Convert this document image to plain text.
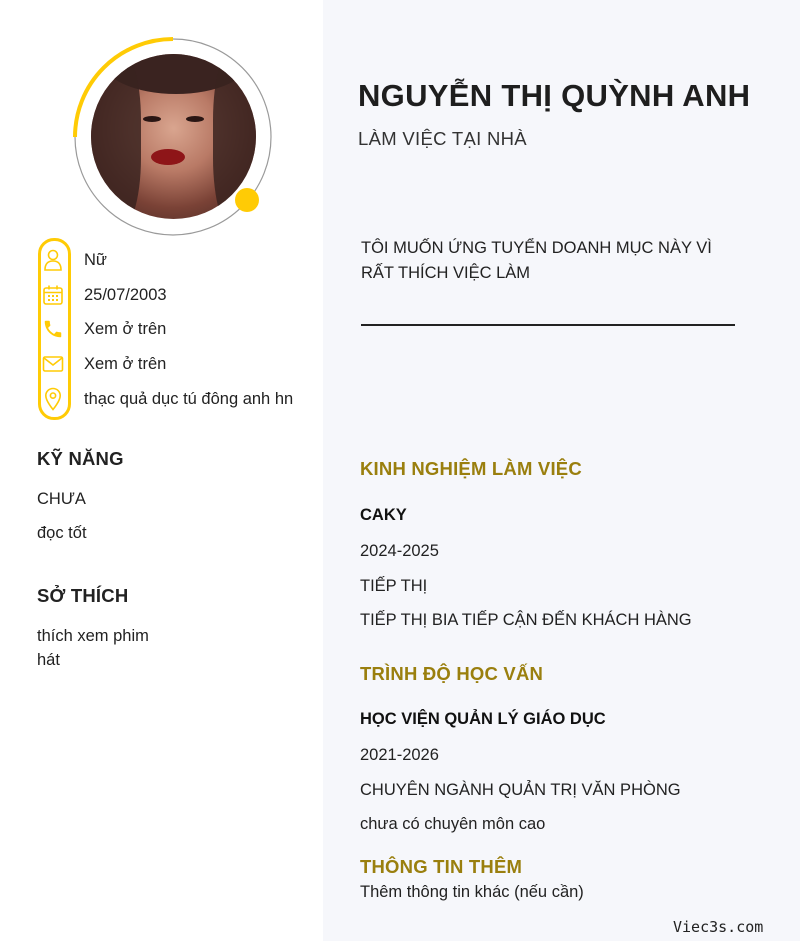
Nữ
25/07/2003
Xem ở trên
Xem ở trên
thạc quả dục tú đông anh hn
KỸ NĂNG
CHƯA
đọc tốt
SỞ THÍCH
thích xem phim
hát
NGUYỄN THỊ QUỲNH ANH
LÀM VIỆC TẠI NHÀ
TÔI MUỐN ỨNG TUYỂN DOANH MỤC NÀY VÌ RẤT THÍCH VIỆC LÀM
KINH NGHIỆM LÀM VIỆC
CAKY
2024-2025
TIẾP THỊ
TIẾP THỊ BIA TIẾP CẬN ĐẾN KHÁCH HÀNG
TRÌNH ĐỘ HỌC VẤN
HỌC VIỆN QUẢN LÝ GIÁO DỤC
2021-2026
CHUYÊN NGÀNH QUẢN TRỊ VĂN PHÒNG
chưa có chuyên môn cao
THÔNG TIN THÊM
Thêm thông tin khác (nếu cần)
Viec3s.com
